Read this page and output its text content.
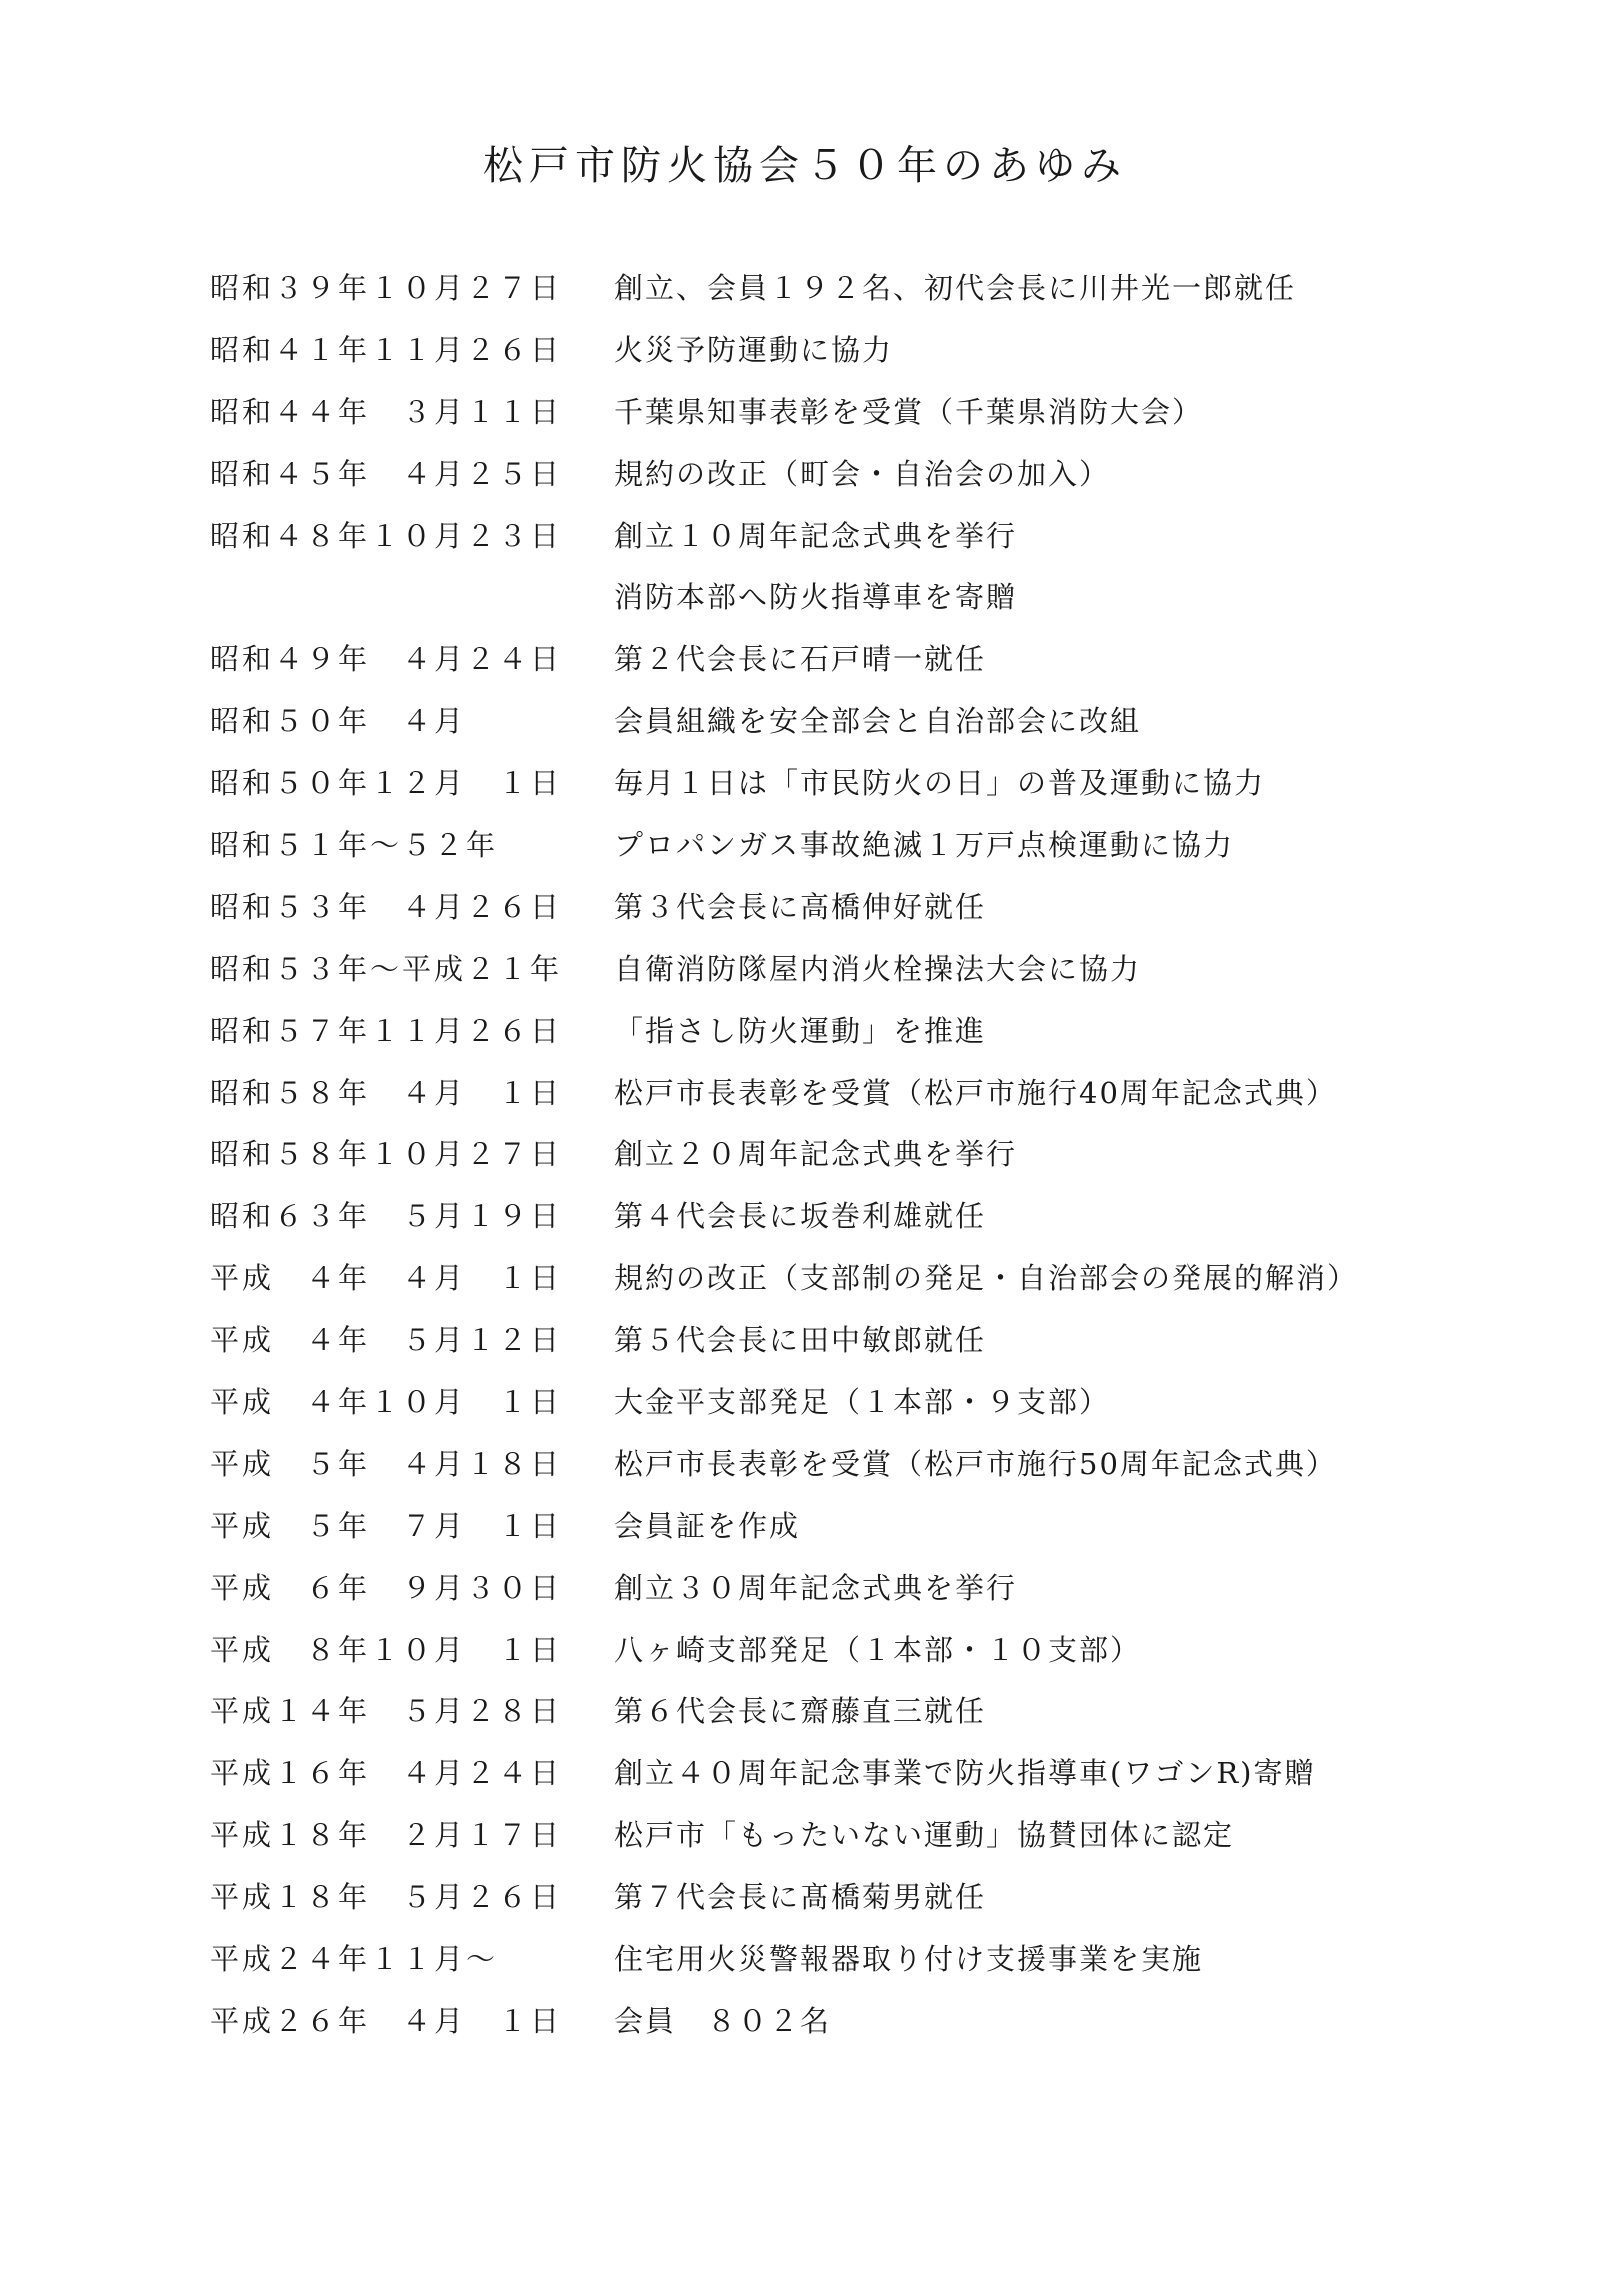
松戸市防火協会５０年のあゆみ
昭和３９年１０月２７日	創立、会員１９２名、初代会長に川井光一郎就任
昭和４１年１１月２６日	火災予防運動に協力
昭和４４年　３月１１日	千葉県知事表彰を受賞（千葉県消防大会）
昭和４５年　４月２５日	規約の改正（町会・自治会の加入）
昭和４８年１０月２３日	創立１０周年記念式典を挙行
消防本部へ防火指導車を寄贈
昭和４９年　４月２４日	第２代会長に石戸晴一就任
昭和５０年　４月	会員組織を安全部会と自治部会に改組
昭和５０年１２月　１日	毎月１日は「市民防火の日」の普及運動に協力
昭和５１年〜５２年	プロパンガス事故絶滅１万戸点検運動に協力
昭和５３年　４月２６日	第３代会長に高橋伸好就任
昭和５３年〜平成２１年	自衛消防隊屋内消火栓操法大会に協力
昭和５７年１１月２６日	「指さし防火運動」を推進
昭和５８年　４月　１日	松戸市長表彰を受賞（松戸市施行40周年記念式典）
昭和５８年１０月２７日	創立２０周年記念式典を挙行
昭和６３年　５月１９日	第４代会長に坂巻利雄就任
平成　４年　４月　１日	規約の改正（支部制の発足・自治部会の発展的解消）
平成　４年　５月１２日	第５代会長に田中敏郎就任
平成　４年１０月　１日	大金平支部発足（１本部・９支部）
平成　５年　４月１８日	松戸市長表彰を受賞（松戸市施行50周年記念式典）
平成　５年　７月　１日	会員証を作成
平成　６年　９月３０日	創立３０周年記念式典を挙行
平成　８年１０月　１日	八ヶ崎支部発足（１本部・１０支部）
平成１４年　５月２８日	第６代会長に齋藤直三就任
平成１６年　４月２４日	創立４０周年記念事業で防火指導車(ワゴンR)寄贈
平成１８年　２月１７日	松戸市「もったいない運動」協賛団体に認定
平成１８年　５月２６日	第７代会長に髙橋菊男就任
平成２４年１１月〜	住宅用火災警報器取り付け支援事業を実施
平成２６年　４月　１日	会員　８０２名
